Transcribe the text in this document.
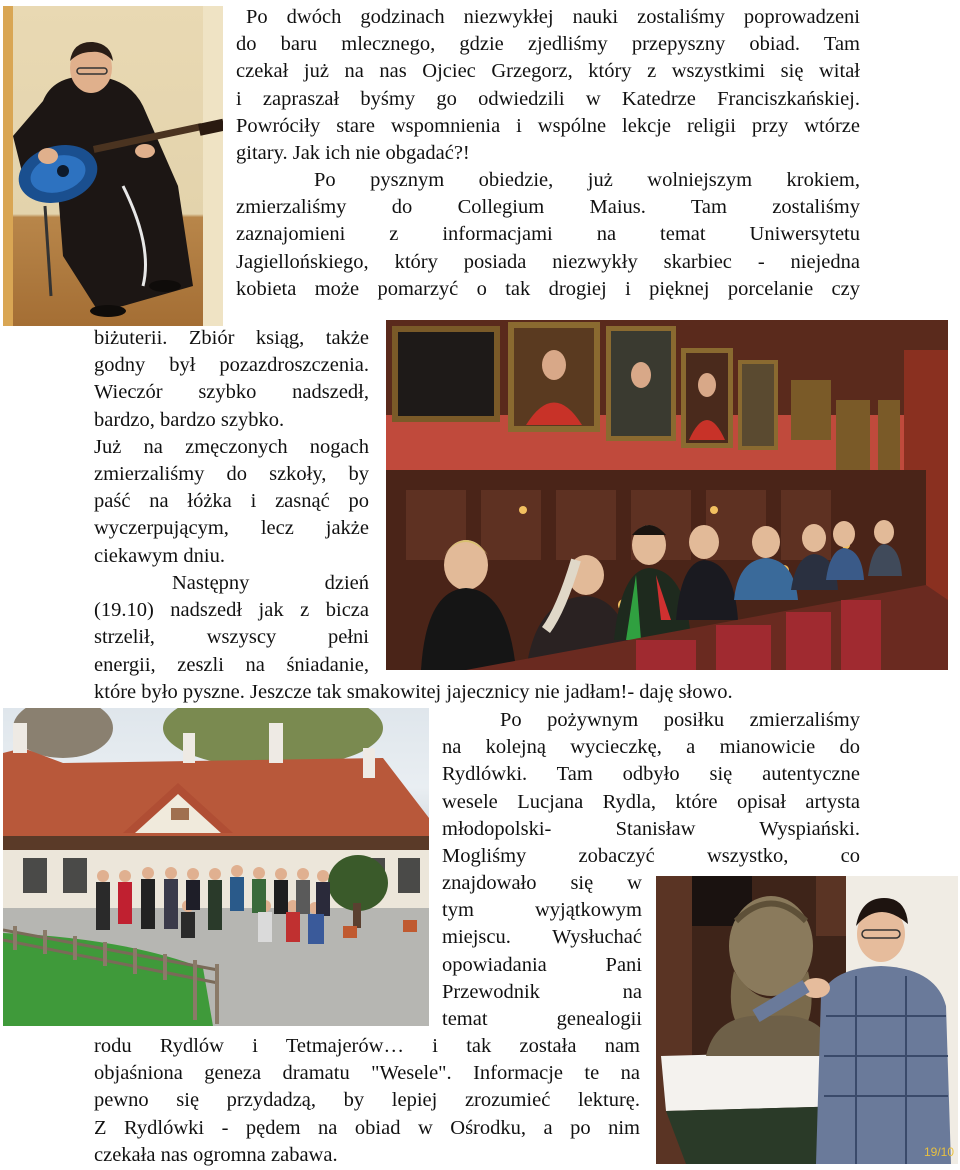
19/10
Po dwóch godzinach niezwykłej nauki zostaliśmy poprowadzeni
do baru mlecznego, gdzie zjedliśmy przepyszny obiad. Tam
czekał już na nas Ojciec Grzegorz, który z wszystkimi się witał
i zapraszał byśmy go odwiedzili w Katedrze Franciszkańskiej.
Powróciły stare wspomnienia i wspólne lekcje religii przy wtórze
gitary. Jak ich nie obgadać?!
Po pysznym obiedzie, już wolniejszym krokiem,
zmierzaliśmy do Collegium Maius. Tam zostaliśmy
zaznajomieni z informacjami na temat Uniwersytetu
Jagiellońskiego, który posiada niezwykły skarbiec - niejedna
kobieta może pomarzyć o tak drogiej i pięknej porcelanie czy
biżuterii. Zbiór ksiąg, także
godny był pozazdroszczenia.
Wieczór szybko nadszedł,
bardzo, bardzo szybko.
Już na zmęczonych nogach
zmierzaliśmy do szkoły, by
paść na łóżka i zasnąć po
wyczerpującym, lecz jakże
ciekawym dniu.
Następny dzień
(19.10) nadszedł jak z bicza
strzelił, wszyscy pełni
energii, zeszli na śniadanie,
które było pyszne. Jeszcze tak smakowitej jajecznicy nie jadłam!- daję słowo.
Po pożywnym posiłku zmierzaliśmy
na kolejną wycieczkę, a mianowicie do
Rydlówki. Tam odbyło się autentyczne
wesele Lucjana Rydla, które opisał artysta
młodopolski- Stanisław Wyspiański.
Mogliśmy zobaczyć wszystko, co
znajdowało się w
tym wyjątkowym
miejscu. Wysłuchać
opowiadania Pani
Przewodnik na
temat genealogii
rodu Rydlów i Tetmajerów… i tak została nam
objaśniona geneza dramatu "Wesele". Informacje te na
pewno się przydadzą, by lepiej zrozumieć lekturę.
Z Rydlówki - pędem na obiad w Ośrodku, a po nim
czekała nas ogromna zabawa.
